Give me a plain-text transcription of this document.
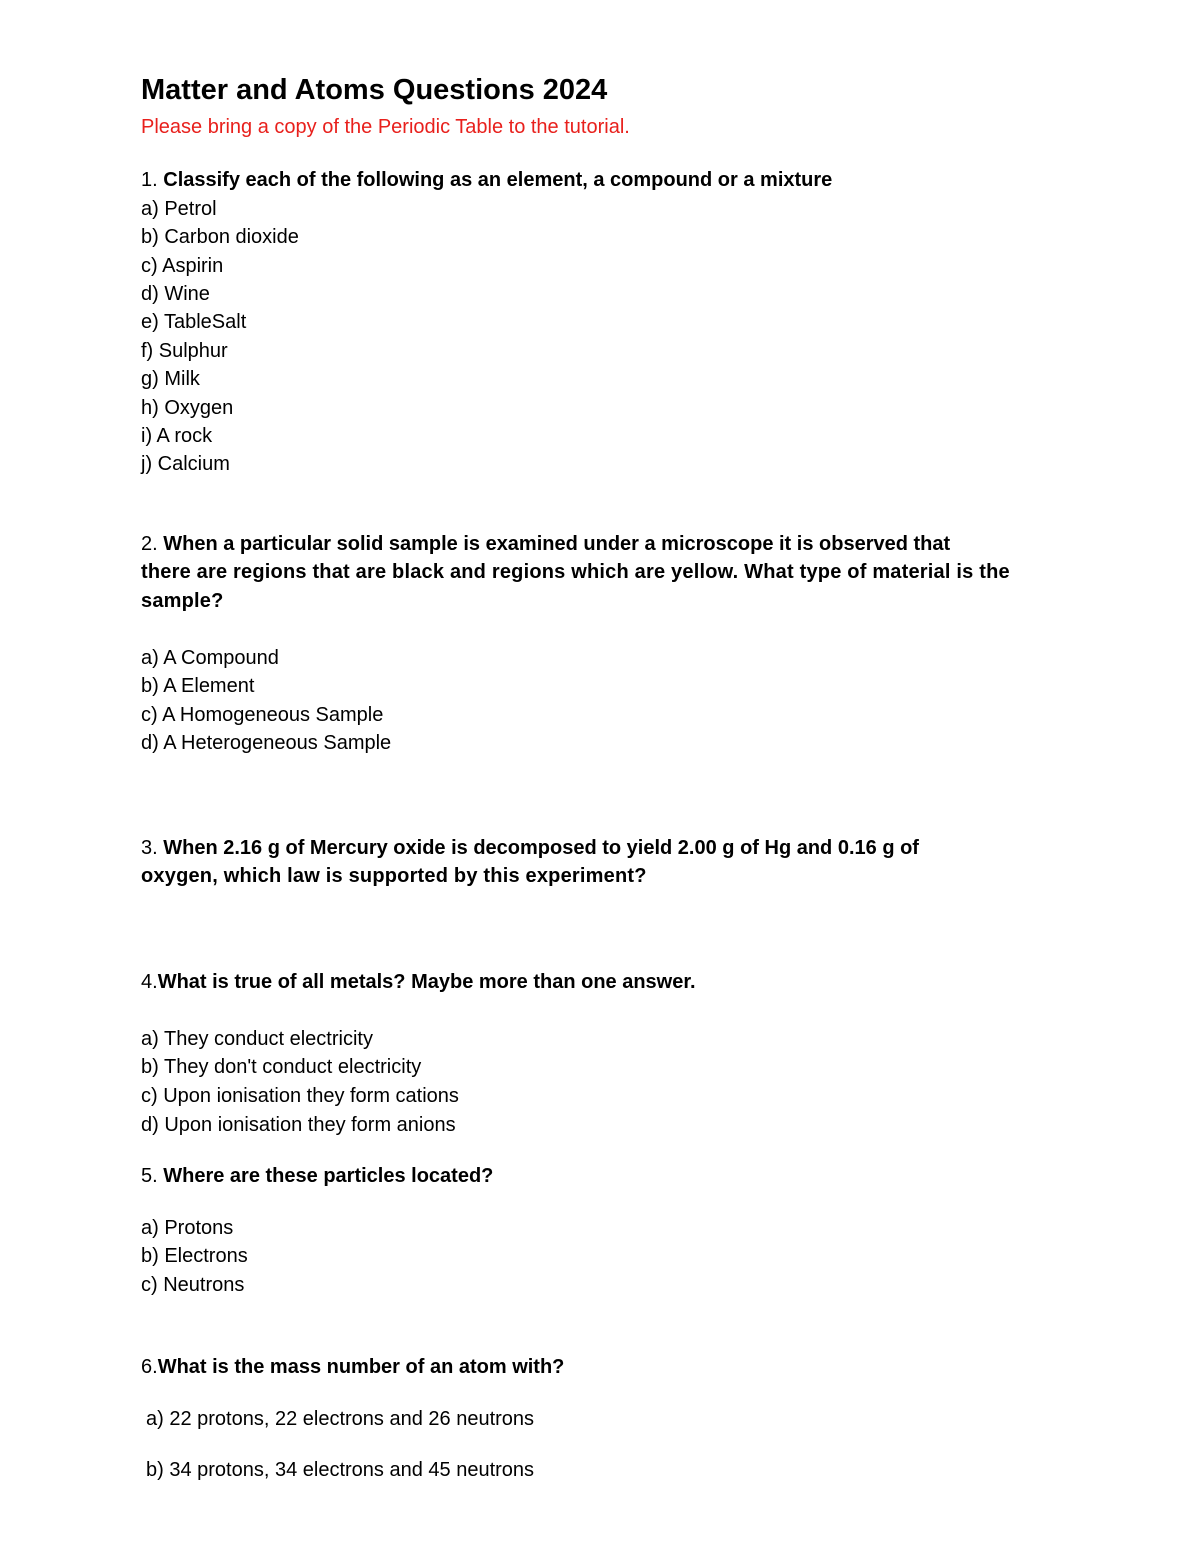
Matter and Atoms Questions 2024
Please bring a copy of the Periodic Table to the tutorial.
1. Classify each of the following as an element, a compound or a mixture
a) Petrol
b) Carbon dioxide
c) Aspirin
d) Wine
e) TableSalt
f) Sulphur
g) Milk
h) Oxygen
i) A rock
j) Calcium
2. When a particular solid sample is examined under a microscope it is observed that
there are regions that are black and regions which are yellow. What type of material is the
sample?
a) A Compound
b) A Element
c) A Homogeneous Sample
d) A Heterogeneous Sample
3. When 2.16 g of Mercury oxide is decomposed to yield 2.00 g of Hg and 0.16 g of
oxygen, which law is supported by this experiment?
4.What is true of all metals? Maybe more than one answer.
a) They conduct electricity
b) They don't conduct electricity
c) Upon ionisation they form cations
d) Upon ionisation they form anions
5. Where are these particles located?
a) Protons
b) Electrons
c) Neutrons
6.What is the mass number of an atom with?
a) 22 protons, 22 electrons and 26 neutrons
b) 34 protons, 34 electrons and 45 neutrons
